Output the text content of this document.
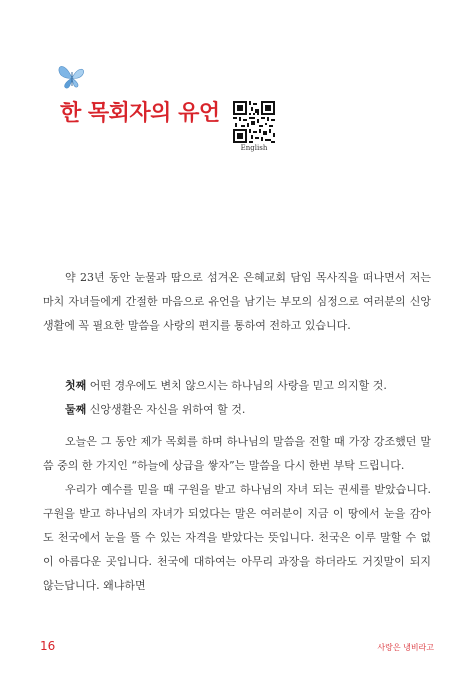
한 목회자의 유언
English

약 23년 동안 눈물과 땀으로 섬겨온 은혜교회 담임 목사직을 떠나면서 저는 마치 자녀들에게 간절한 마음으로 유언을 남기는 부모의 심정으로 여러분의 신앙생활에 꼭 필요한 말씀을 사랑의 편지를 통하여 전하고 있습니다.

첫째 어떤 경우에도 변치 않으시는 하나님의 사랑을 믿고 의지할 것.

둘째 신앙생활은 자신을 위하여 할 것.

오늘은 그 동안 제가 목회를 하며 하나님의 말씀을 전할 때 가장 강조했던 말씀 중의 한 가지인 “하늘에 상급을 쌓자”는 말씀을 다시 한번 부탁 드립니다.

우리가 예수를 믿을 때 구원을 받고 하나님의 자녀 되는 권세를 받았습니다. 구원을 받고 하나님의 자녀가 되었다는 말은 여러분이 지금 이 땅에서 눈을 감아도 천국에서 눈을 뜰 수 있는 자격을 받았다는 뜻입니다. 천국은 이루 말할 수 없이 아름다운 곳입니다. 천국에 대하여는 아무리 과장을 하더라도 거짓말이 되지 않는답니다. 왜냐하면

16	사랑은 냉비라고
